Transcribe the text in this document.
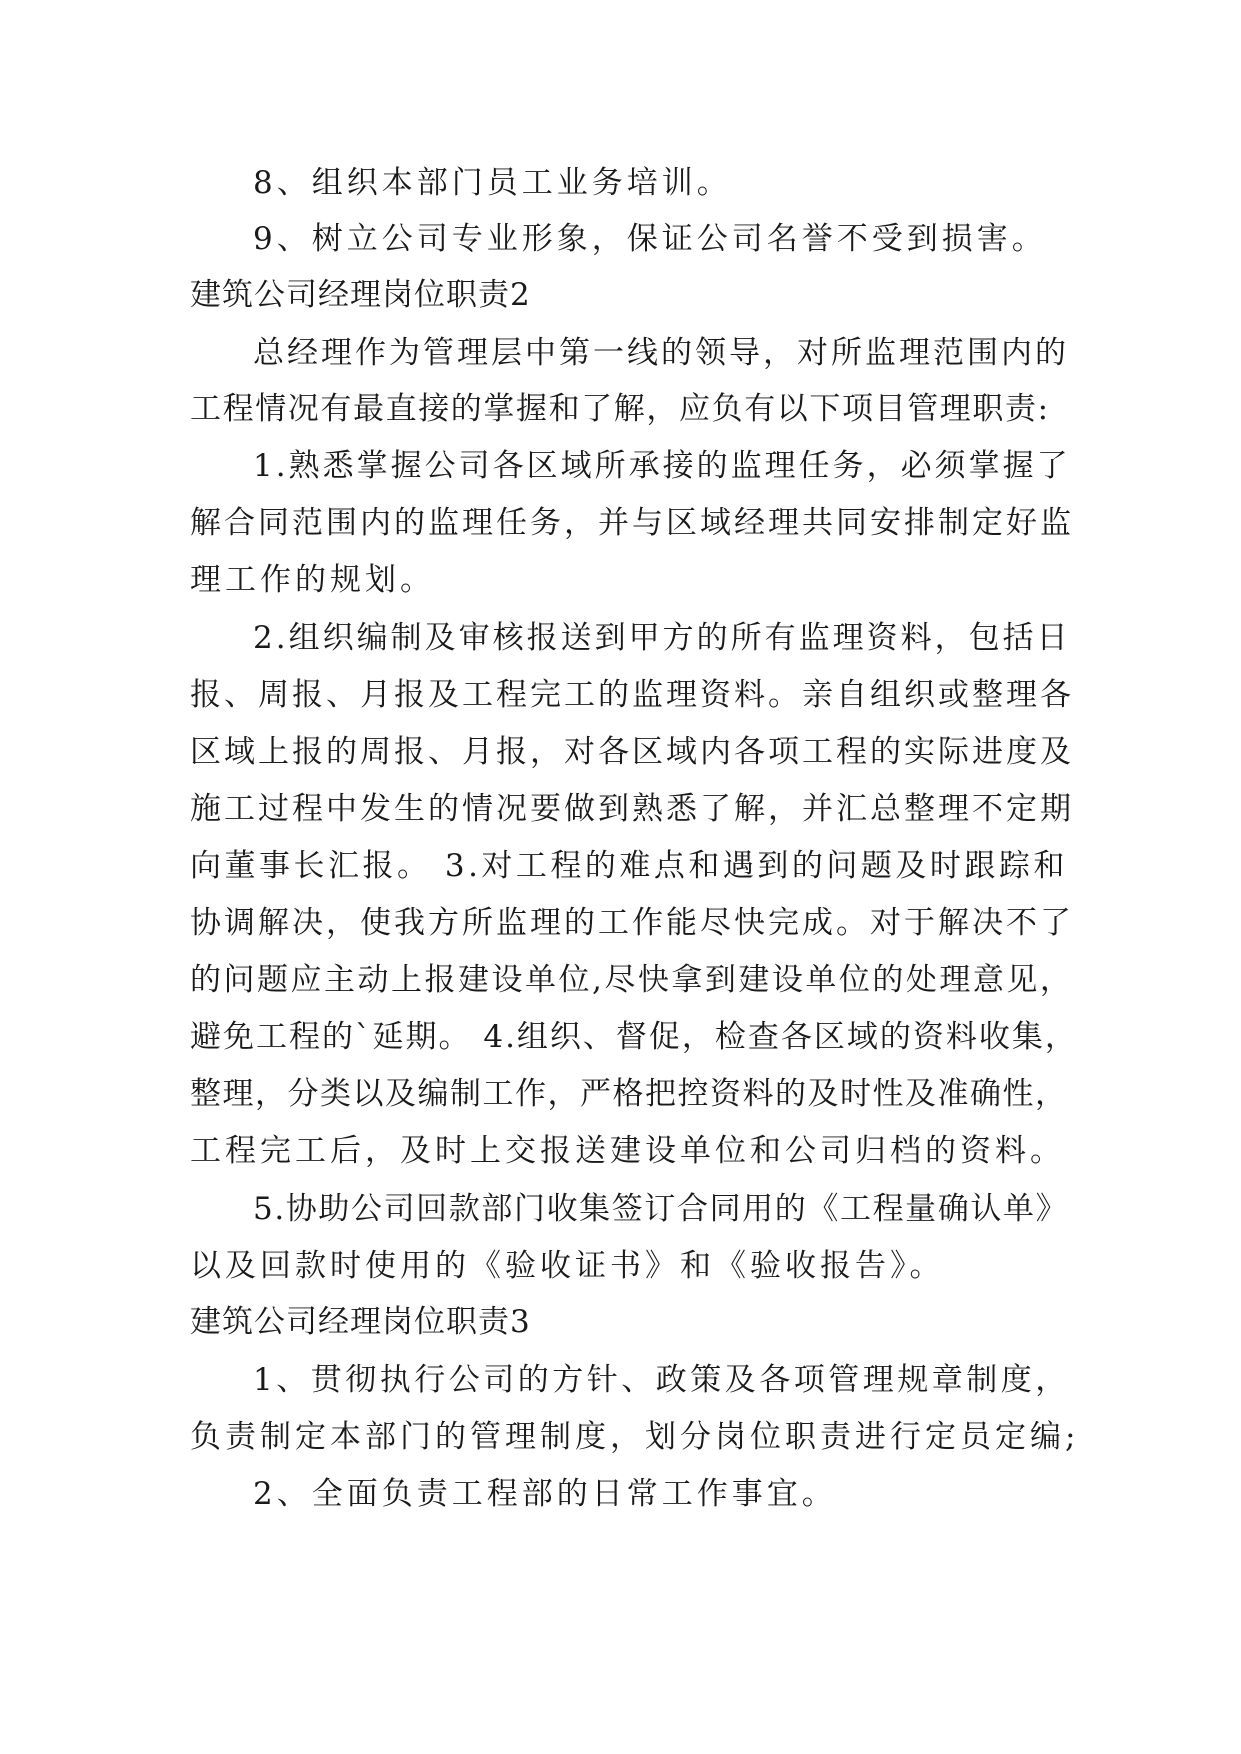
8、组织本部门员工业务培训。
9、树立公司专业形象，保证公司名誉不受到损害。
建筑公司经理岗位职责2
总经理作为管理层中第一线的领导，对所监理范围内的
工程情况有最直接的掌握和了解，应负有以下项目管理职责:
1.熟悉掌握公司各区域所承接的监理任务，必须掌握了
解合同范围内的监理任务，并与区域经理共同安排制定好监
理工作的规划。
2.组织编制及审核报送到甲方的所有监理资料，包括日
报、周报、月报及工程完工的监理资料。亲自组织或整理各
区域上报的周报、月报，对各区域内各项工程的实际进度及
施工过程中发生的情况要做到熟悉了解，并汇总整理不定期
向董事长汇报。 3.对工程的难点和遇到的问题及时跟踪和
协调解决，使我方所监理的工作能尽快完成。对于解决不了
的问题应主动上报建设单位,尽快拿到建设单位的处理意见，
避免工程的`延期。 4.组织、督促，检查各区域的资料收集，
整理，分类以及编制工作，严格把控资料的及时性及准确性，
工程完工后，及时上交报送建设单位和公司归档的资料。
5.协助公司回款部门收集签订合同用的《工程量确认单》
以及回款时使用的《验收证书》和《验收报告》。
建筑公司经理岗位职责3
1、贯彻执行公司的方针、政策及各项管理规章制度，
负责制定本部门的管理制度，划分岗位职责进行定员定编;
2、全面负责工程部的日常工作事宜。
